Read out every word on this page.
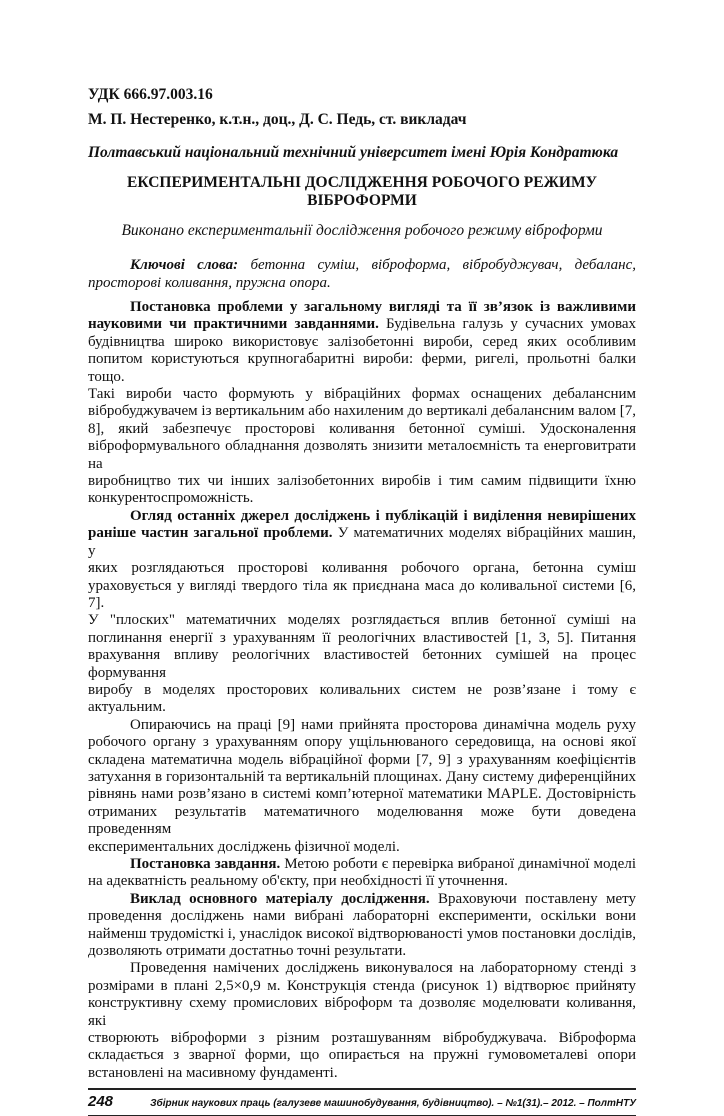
УДК 666.97.003.16
М. П. Нестеренко, к.т.н., доц., Д. С. Педь, ст. викладач
Полтавський національний технічний університет імені Юрія Кондратюка
ЕКСПЕРИМЕНТАЛЬНІ ДОСЛІДЖЕННЯ РОБОЧОГО РЕЖИМУ
ВІБРОФОРМИ
Виконано експериментальнії дослідження робочого режиму віброформи
Ключові слова: бетонна суміш, віброформа, вібробуджувач, дебаланс,
просторові коливання, пружна опора.
Постановка проблеми у загальному вигляді та її зв’язок із важливими
науковими чи практичними завданнями. Будівельна галузь у сучасних умовах
будівництва широко використовує залізобетонні вироби, серед яких особливим
попитом користуються крупногабаритні вироби: ферми, ригелі, прольотні балки тощо.
Такі вироби часто формують у вібраційних формах оснащених дебалансним
вібробуджувачем із вертикальним або нахиленим до вертикалі дебалансним валом [7,
8], який забезпечує просторові коливання бетонної суміші. Удосконалення
віброформувального обладнання дозволять знизити металоємність та енерговитрати на
виробництво тих чи інших залізобетонних виробів і тим самим підвищити їхню
конкурентоспроможність.
Огляд останніх джерел досліджень і публікацій і виділення невирішених
раніше частин загальної проблеми. У математичних моделях вібраційних машин, у
яких розглядаються просторові коливання робочого органа, бетонна суміш
ураховується у вигляді твердого тіла як приєднана маса до коливальної системи [6, 7].
У "плоских" математичних моделях розглядається вплив бетонної суміші на
поглинання енергії з урахуванням її реологічних властивостей [1, 3, 5]. Питання
врахування впливу реологічних властивостей бетонних сумішей на процес формування
виробу в моделях просторових коливальних систем не розв’язане і тому є актуальним.
Опираючись на праці [9] нами прийнята просторова динамічна модель руху
робочого органу з урахуванням опору ущільнюваного середовища, на основі якої
складена математична модель вібраційної форми [7, 9] з урахуванням коефіцієнтів
затухання в горизонтальній та вертикальній площинах. Дану систему диференційних
рівнянь нами розв’язано в системі комп’ютерної математики MAPLE. Достовірність
отриманих результатів математичного моделювання може бути доведена проведенням
експериментальних досліджень фізичної моделі.
Постановка завдання. Метою роботи є перевірка вибраної динамічної моделі
на адекватність реальному об'єкту, при необхідності її уточнення.
Виклад основного матеріалу дослідження. Враховуючи поставлену мету
проведення досліджень нами вибрані лабораторні експерименти, оскільки вони
найменш трудомісткі і, унаслідок високої відтворюваності умов постановки дослідів,
дозволяють отримати достатньо точні результати.
Проведення намічених досліджень виконувалося на лабораторному стенді з
розмірами в плані 2,5×0,9 м. Конструкція стенда (рисунок 1) відтворює прийняту
конструктивну схему промислових віброформ та дозволяє моделювати коливання, які
створюють віброформи з різним розташуванням вібробуджувача. Віброформа
складається з зварної форми, що опирається на пружні гумовометалеві опори
встановлені на масивному фундаменті.
248	Збірник наукових праць (галузеве машинобудування, будівництво). – №1(31).– 2012. – ПолтНТУ
